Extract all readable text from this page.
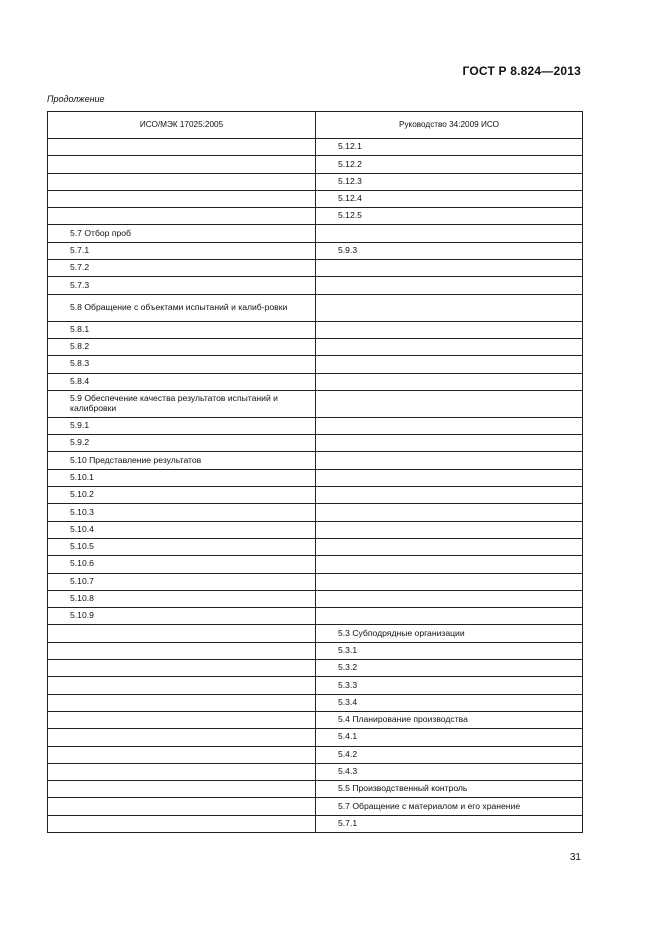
ГОСТ Р 8.824—2013
Продолжение
ИСО/МЭК 17025:2005	Руководство 34:2009 ИСО
	5.12.1
	5.12.2
	5.12.3
	5.12.4
	5.12.5
5.7 Отбор проб	
5.7.1	5.9.3
5.7.2	
5.7.3	
5.8 Обращение с объектами испытаний и калиб-ровки	
5.8.1	
5.8.2	
5.8.3	
5.8.4	
5.9 Обеспечение качества результатов испытаний и калибровки	
5.9.1	
5.9.2	
5.10 Представление результатов	
5.10.1	
5.10.2	
5.10.3	
5.10.4	
5.10.5	
5.10.6	
5.10.7	
5.10.8	
5.10.9	
	5.3 Субподрядные организации
	5.3.1
	5.3.2
	5.3.3
	5.3.4
	5.4 Планирование производства
	5.4.1
	5.4.2
	5.4.3
	5.5 Производственный контроль
	5.7 Обращение с материалом и его хранение
	5.7.1
31
